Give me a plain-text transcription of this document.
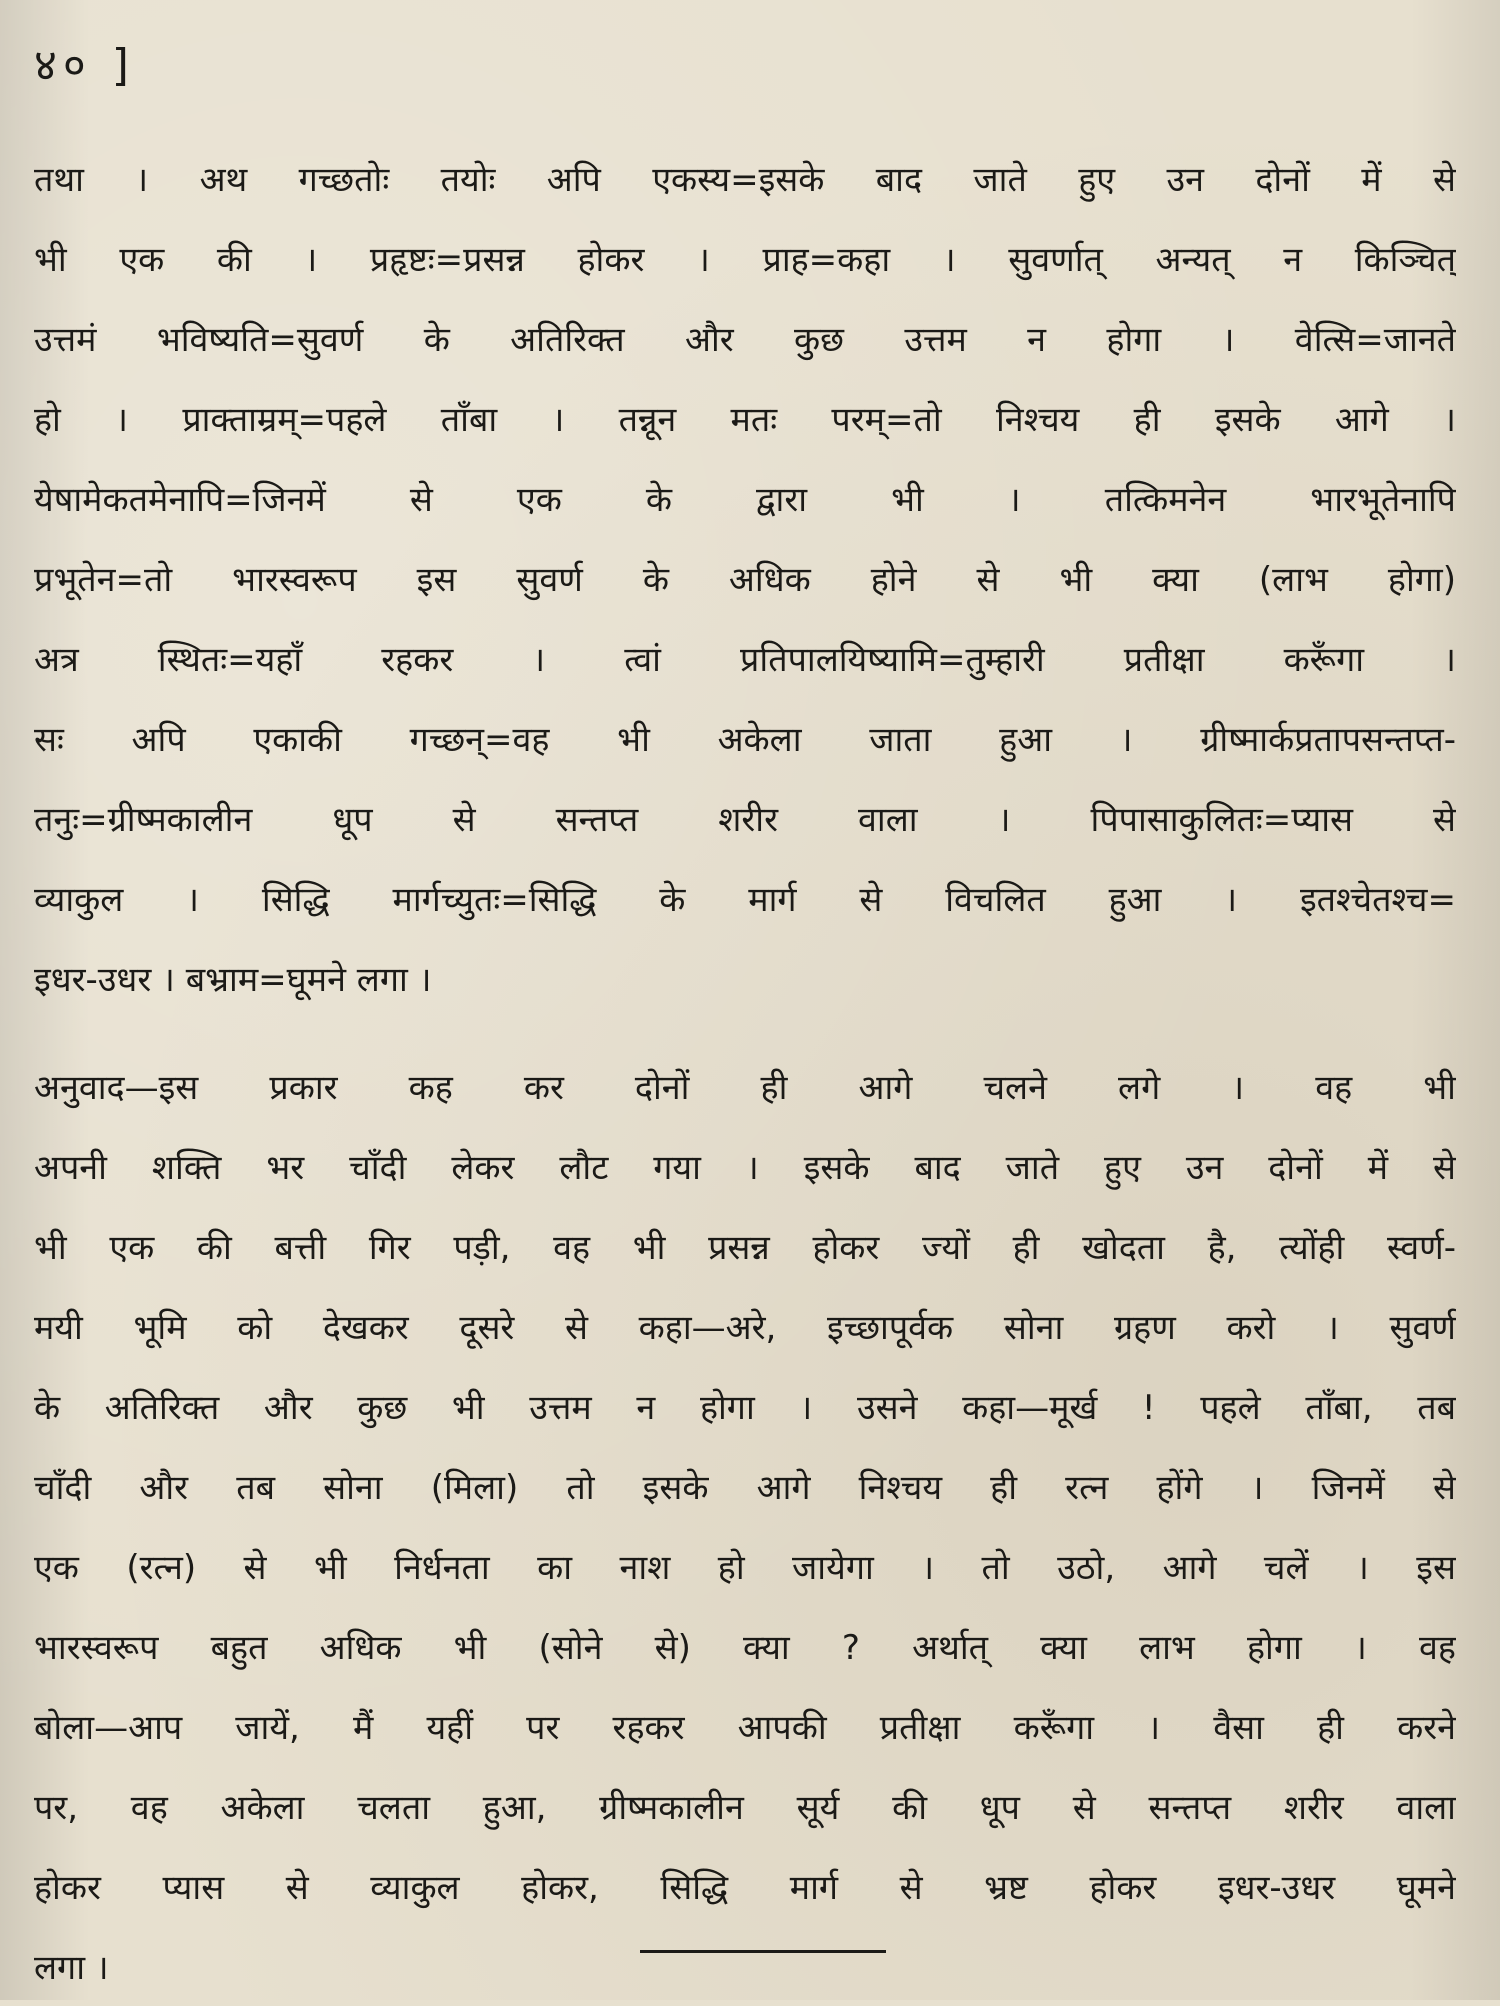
४० ]
तथा । अथ गच्छतोः तयोः अपि एकस्य=इसके बाद जाते हुए उन दोनों में से
भी एक की । प्रहृष्टः=प्रसन्न होकर । प्राह=कहा । सुवर्णात् अन्यत् न किञ्चित्
उत्तमं भविष्यति=सुवर्ण के अतिरिक्त और कुछ उत्तम न होगा । वेत्सि=जानते
हो । प्राक्ताम्रम्=पहले ताँबा । तन्नून मतः परम्=तो निश्चय ही इसके आगे ।
येषामेकतमेनापि=जिनमें से एक के द्वारा भी । तत्किमनेन भारभूतेनापि
प्रभूतेन=तो भारस्वरूप इस सुवर्ण के अधिक होने से भी क्या (लाभ होगा)
अत्र स्थितः=यहाँ रहकर । त्वां प्रतिपालयिष्यामि=तुम्हारी प्रतीक्षा करूँगा ।
सः अपि एकाकी गच्छन्=वह भी अकेला जाता हुआ । ग्रीष्मार्कप्रतापसन्तप्त-
तनुः=ग्रीष्मकालीन धूप से सन्तप्त शरीर वाला । पिपासाकुलितः=प्यास से
व्याकुल । सिद्धि मार्गच्युतः=सिद्धि के मार्ग से विचलित हुआ । इतश्चेतश्च=
इधर-उधर । बभ्राम=घूमने लगा ।
अनुवाद—इस प्रकार कह कर दोनों ही आगे चलने लगे । वह भी
अपनी शक्ति भर चाँदी लेकर लौट गया । इसके बाद जाते हुए उन दोनों में से
भी एक की बत्ती गिर पड़ी, वह भी प्रसन्न होकर ज्यों ही खोदता है, त्योंही स्वर्ण-
मयी भूमि को देखकर दूसरे से कहा—अरे, इच्छापूर्वक सोना ग्रहण करो । सुवर्ण
के अतिरिक्त और कुछ भी उत्तम न होगा । उसने कहा—मूर्ख ! पहले ताँबा, तब
चाँदी और तब सोना (मिला) तो इसके आगे निश्चय ही रत्न होंगे । जिनमें से
एक (रत्न) से भी निर्धनता का नाश हो जायेगा । तो उठो, आगे चलें । इस
भारस्वरूप बहुत अधिक भी (सोने से) क्या ? अर्थात् क्या लाभ होगा । वह
बोला—आप जायें, मैं यहीं पर रहकर आपकी प्रतीक्षा करूँगा । वैसा ही करने
पर, वह अकेला चलता हुआ, ग्रीष्मकालीन सूर्य की धूप से सन्तप्त शरीर वाला
होकर प्यास से व्याकुल होकर, सिद्धि मार्ग से भ्रष्ट होकर इधर-उधर घूमने
लगा ।
